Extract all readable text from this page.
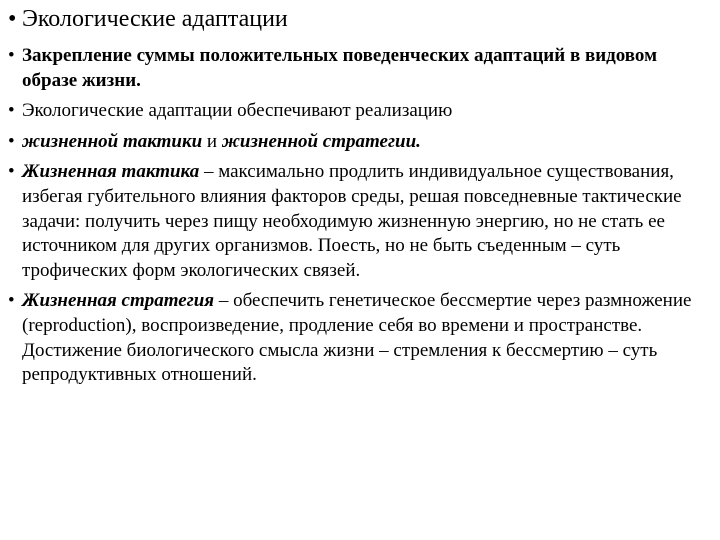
• Экологические адаптации
• Закрепление суммы положительных поведенческих адаптаций в видовом образе жизни.
• Экологические адаптации обеспечивают реализацию
• жизненной тактики и жизненной стратегии.
• Жизненная тактика – максимально продлить индивидуальное существования, избегая губительного влияния факторов среды, решая повседневные тактические задачи: получить через пищу необходимую жизненную энергию, но не стать ее источником для других организмов. Поесть, но не быть съеденным – суть трофических форм экологических связей.
• Жизненная стратегия – обеспечить генетическое бессмертие через размножение (reproduction), воспроизведение, продление себя во времени и пространстве. Достижение биологического смысла жизни – стремления к бессмертию – суть репродуктивных отношений.
